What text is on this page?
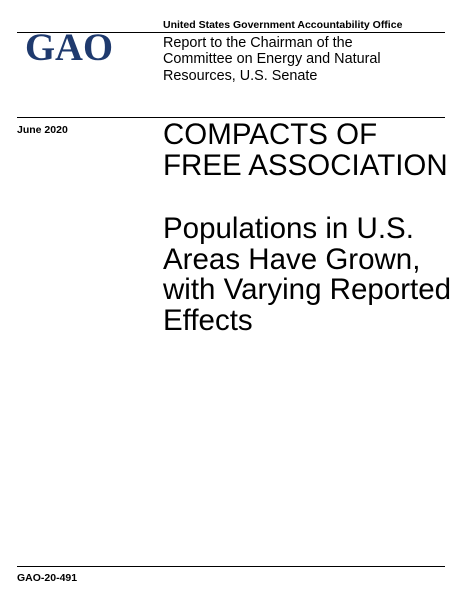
United States Government Accountability Office
GAO	Report to the Chairman of the
Committee on Energy and Natural
Resources, U.S. Senate
June 2020	COMPACTS OF
FREE ASSOCIATION
Populations in U.S.
Areas Have Grown,
with Varying Reported
Effects
GAO-20-491
